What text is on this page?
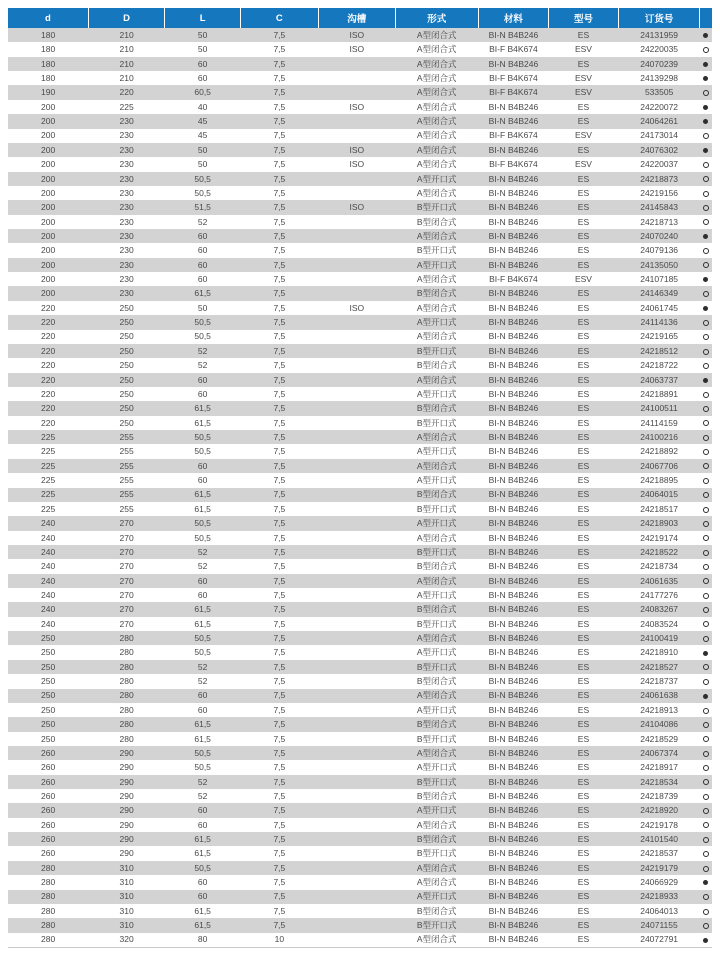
d	D	L	C	沟槽	形式	材料	型号	订货号	
180	210	50	7,5	ISO	A型闭合式	BI-N B4B246	ES	24131959	
180	210	50	7,5	ISO	A型闭合式	BI-F B4K674	ESV	24220035	
180	210	60	7,5		A型闭合式	BI-N B4B246	ES	24070239	
180	210	60	7,5		A型闭合式	BI-F B4K674	ESV	24139298	
190	220	60,5	7,5		A型闭合式	BI-F B4K674	ESV	533505	
200	225	40	7,5	ISO	A型闭合式	BI-N B4B246	ES	24220072	
200	230	45	7,5		A型闭合式	BI-N B4B246	ES	24064261	
200	230	45	7,5		A型闭合式	BI-F B4K674	ESV	24173014	
200	230	50	7,5	ISO	A型闭合式	BI-N B4B246	ES	24076302	
200	230	50	7,5	ISO	A型闭合式	BI-F B4K674	ESV	24220037	
200	230	50,5	7,5		A型开口式	BI-N B4B246	ES	24218873	
200	230	50,5	7,5		A型闭合式	BI-N B4B246	ES	24219156	
200	230	51,5	7,5	ISO	B型开口式	BI-N B4B246	ES	24145843	
200	230	52	7,5		B型闭合式	BI-N B4B246	ES	24218713	
200	230	60	7,5		A型闭合式	BI-N B4B246	ES	24070240	
200	230	60	7,5		B型开口式	BI-N B4B246	ES	24079136	
200	230	60	7,5		A型开口式	BI-N B4B246	ES	24135050	
200	230	60	7,5		A型闭合式	BI-F B4K674	ESV	24107185	
200	230	61,5	7,5		B型闭合式	BI-N B4B246	ES	24146349	
220	250	50	7,5	ISO	A型闭合式	BI-N B4B246	ES	24061745	
220	250	50,5	7,5		A型开口式	BI-N B4B246	ES	24114136	
220	250	50,5	7,5		A型闭合式	BI-N B4B246	ES	24219165	
220	250	52	7,5		B型开口式	BI-N B4B246	ES	24218512	
220	250	52	7,5		B型闭合式	BI-N B4B246	ES	24218722	
220	250	60	7,5		A型闭合式	BI-N B4B246	ES	24063737	
220	250	60	7,5		A型开口式	BI-N B4B246	ES	24218891	
220	250	61,5	7,5		B型闭合式	BI-N B4B246	ES	24100511	
220	250	61,5	7,5		B型开口式	BI-N B4B246	ES	24114159	
225	255	50,5	7,5		A型闭合式	BI-N B4B246	ES	24100216	
225	255	50,5	7,5		A型开口式	BI-N B4B246	ES	24218892	
225	255	60	7,5		A型闭合式	BI-N B4B246	ES	24067706	
225	255	60	7,5		A型开口式	BI-N B4B246	ES	24218895	
225	255	61,5	7,5		B型闭合式	BI-N B4B246	ES	24064015	
225	255	61,5	7,5		B型开口式	BI-N B4B246	ES	24218517	
240	270	50,5	7,5		A型开口式	BI-N B4B246	ES	24218903	
240	270	50,5	7,5		A型闭合式	BI-N B4B246	ES	24219174	
240	270	52	7,5		B型开口式	BI-N B4B246	ES	24218522	
240	270	52	7,5		B型闭合式	BI-N B4B246	ES	24218734	
240	270	60	7,5		A型闭合式	BI-N B4B246	ES	24061635	
240	270	60	7,5		A型开口式	BI-N B4B246	ES	24177276	
240	270	61,5	7,5		B型闭合式	BI-N B4B246	ES	24083267	
240	270	61,5	7,5		B型开口式	BI-N B4B246	ES	24083524	
250	280	50,5	7,5		A型闭合式	BI-N B4B246	ES	24100419	
250	280	50,5	7,5		A型开口式	BI-N B4B246	ES	24218910	
250	280	52	7,5		B型开口式	BI-N B4B246	ES	24218527	
250	280	52	7,5		B型闭合式	BI-N B4B246	ES	24218737	
250	280	60	7,5		A型闭合式	BI-N B4B246	ES	24061638	
250	280	60	7,5		A型开口式	BI-N B4B246	ES	24218913	
250	280	61,5	7,5		B型闭合式	BI-N B4B246	ES	24104086	
250	280	61,5	7,5		B型开口式	BI-N B4B246	ES	24218529	
260	290	50,5	7,5		A型闭合式	BI-N B4B246	ES	24067374	
260	290	50,5	7,5		A型开口式	BI-N B4B246	ES	24218917	
260	290	52	7,5		B型开口式	BI-N B4B246	ES	24218534	
260	290	52	7,5		B型闭合式	BI-N B4B246	ES	24218739	
260	290	60	7,5		A型开口式	BI-N B4B246	ES	24218920	
260	290	60	7,5		A型闭合式	BI-N B4B246	ES	24219178	
260	290	61,5	7,5		B型闭合式	BI-N B4B246	ES	24101540	
260	290	61,5	7,5		B型开口式	BI-N B4B246	ES	24218537	
280	310	50,5	7,5		A型闭合式	BI-N B4B246	ES	24219179	
280	310	60	7,5		A型闭合式	BI-N B4B246	ES	24066929	
280	310	60	7,5		A型开口式	BI-N B4B246	ES	24218933	
280	310	61,5	7,5		B型闭合式	BI-N B4B246	ES	24064013	
280	310	61,5	7,5		B型开口式	BI-N B4B246	ES	24071155	
280	320	80	10		A型闭合式	BI-N B4B246	ES	24072791	
